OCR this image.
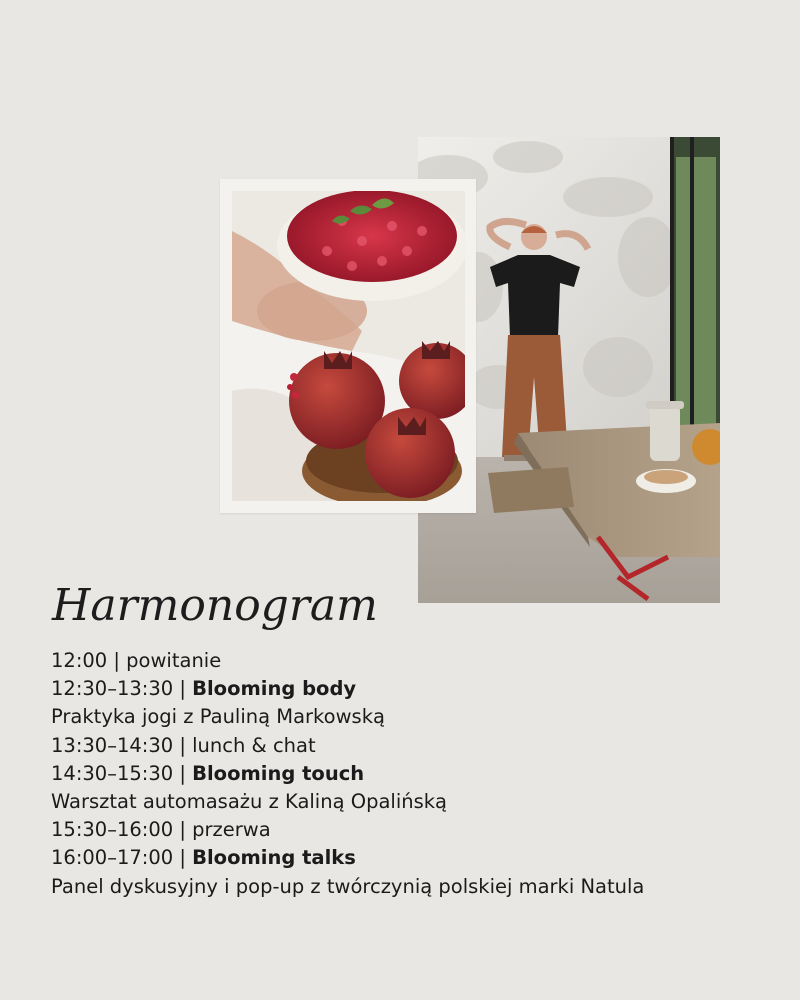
Harmonogram
12:00 | powitanie
12:30–13:30 | Blooming body
Praktyka jogi z Pauliną Markowską
13:30–14:30 | lunch & chat
14:30–15:30 | Blooming touch
Warsztat automasażu z Kaliną Opalińską
15:30–16:00 | przerwa
16:00–17:00 | Blooming talks
Panel dyskusyjny i pop-up z twórczynią polskiej marki Natula
